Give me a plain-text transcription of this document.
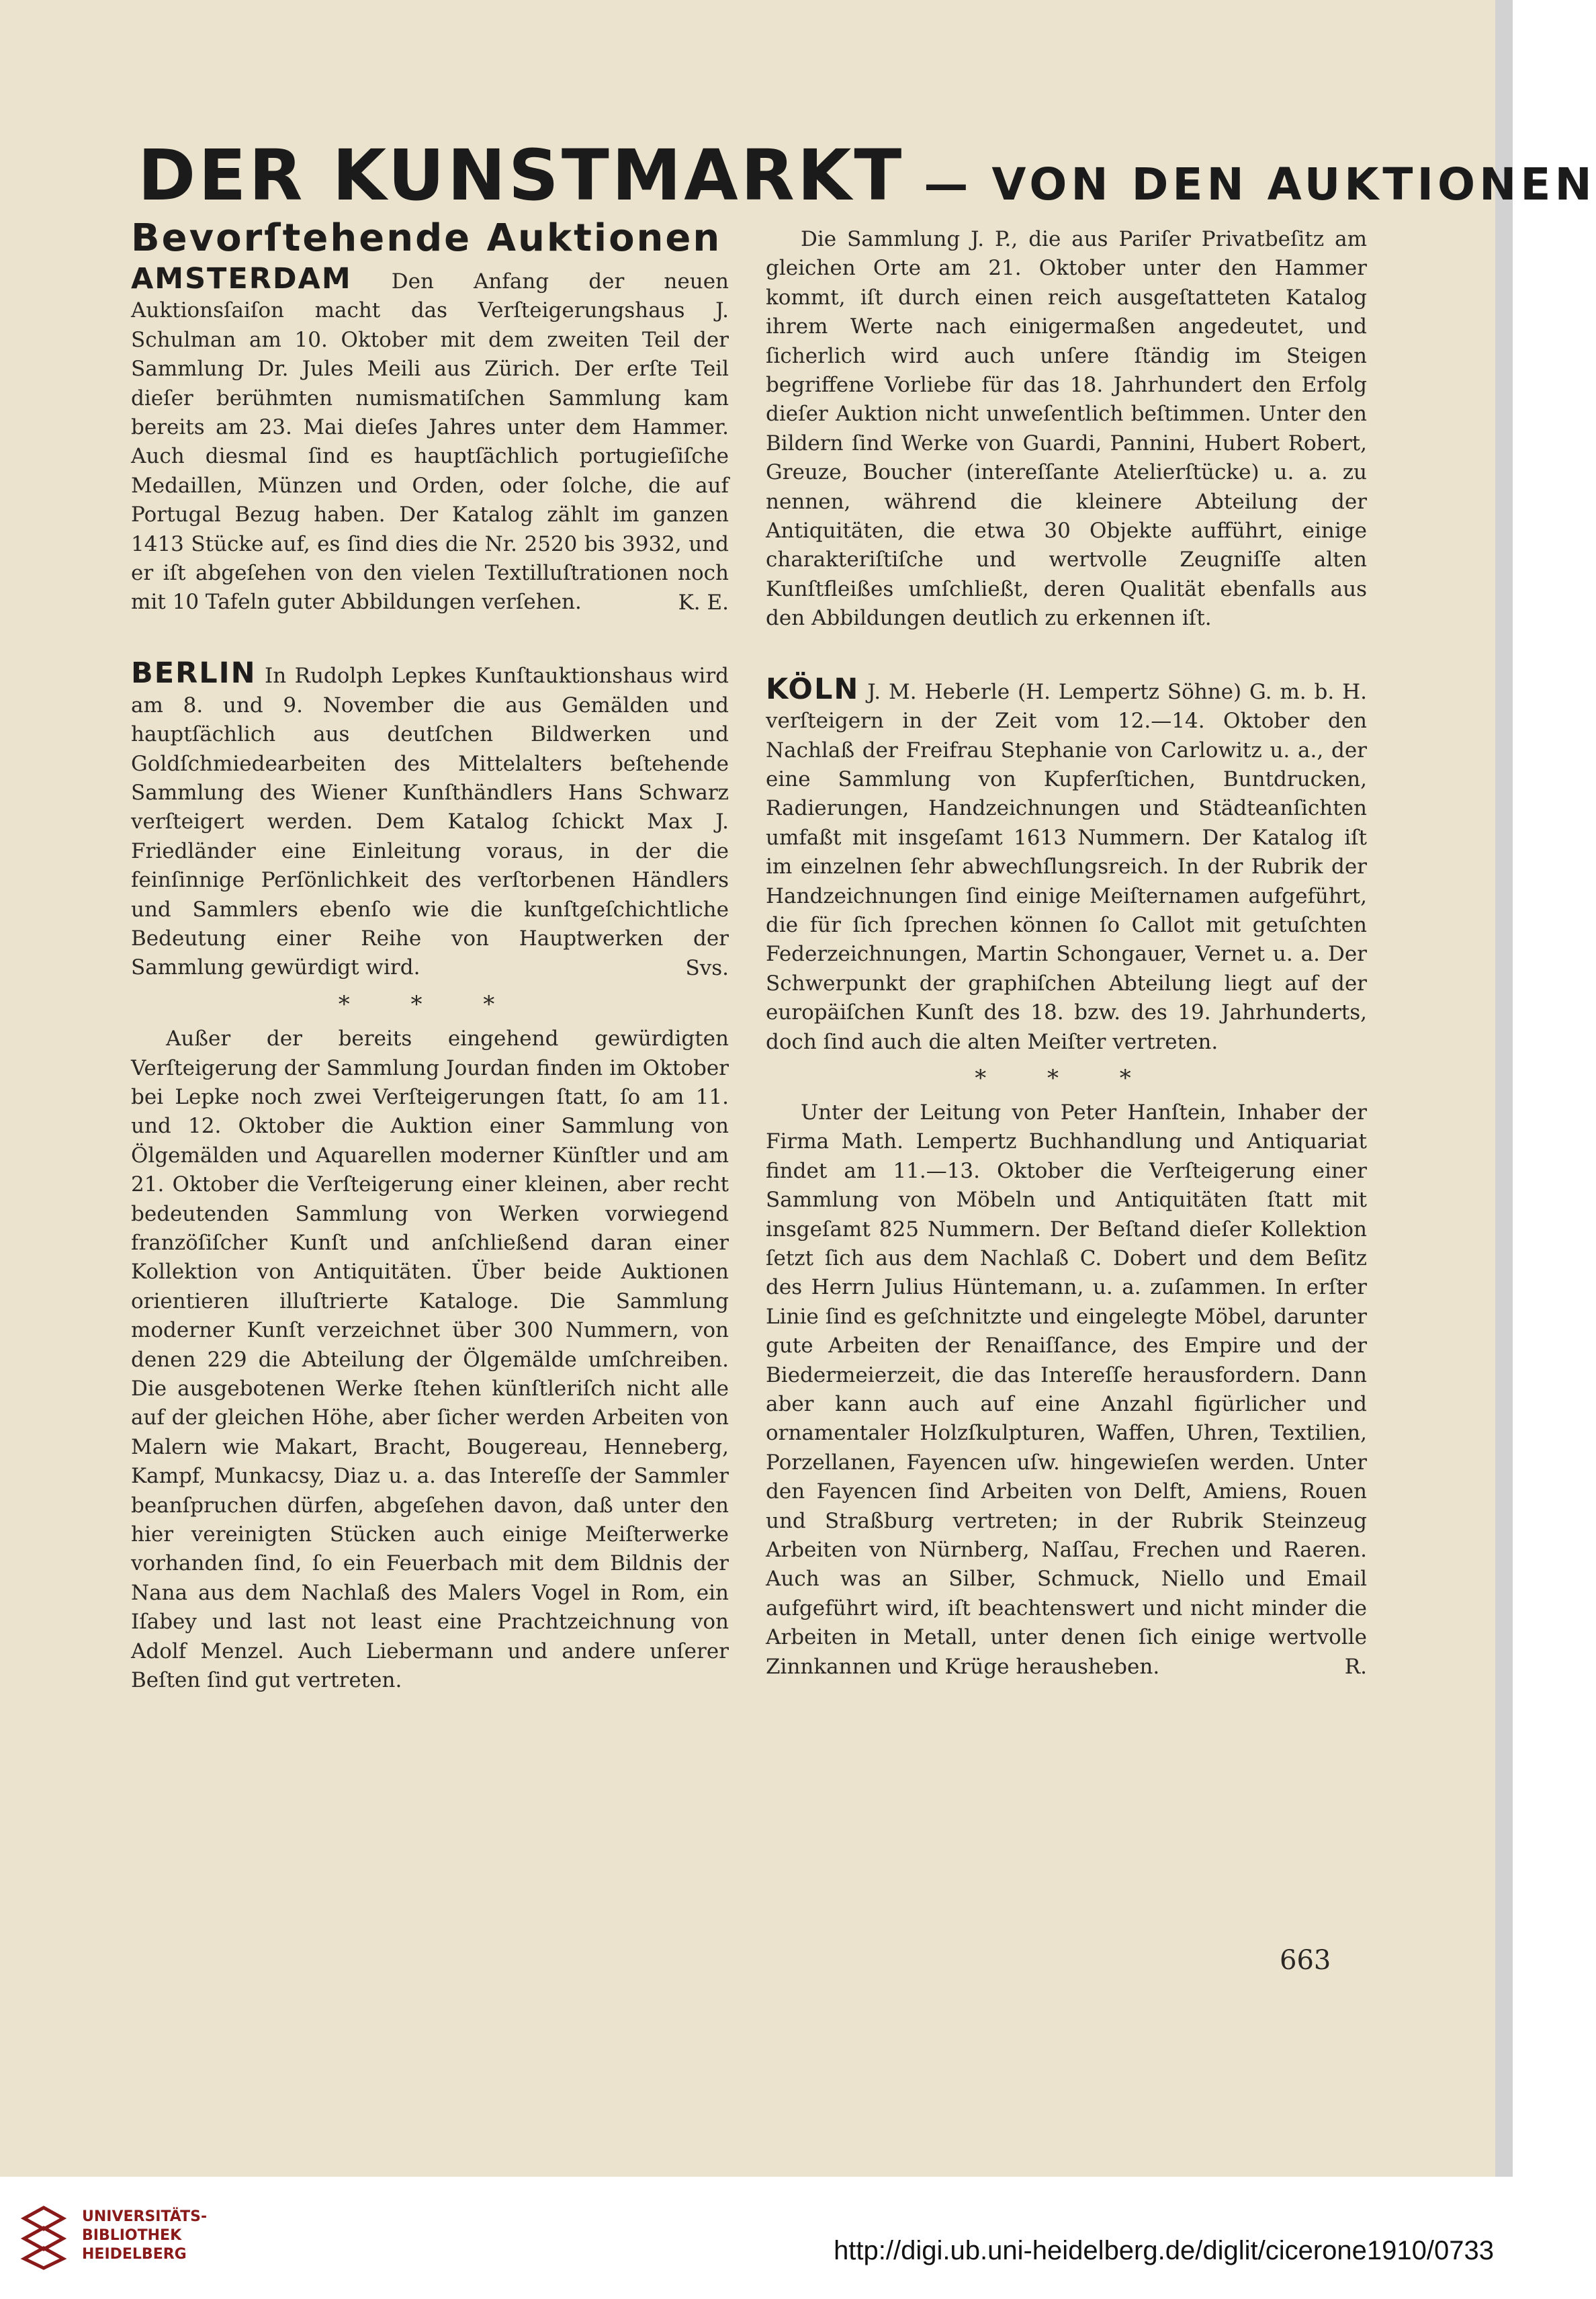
DER KUNSTMARKT — VON DEN AUKTIONEN
Bevorſtehende Auktionen

AMSTERDAM Den Anfang der neuen Auktionsſaiſon macht das Verſteigerungshaus J. Schulman am 10. Oktober mit dem zweiten Teil der Sammlung Dr. Jules Meili aus Zürich. Der erſte Teil dieſer berühmten numismatiſchen Sammlung kam bereits am 23. Mai dieſes Jahres unter dem Hammer. Auch diesmal ſind es hauptſächlich portugieſiſche Medaillen, Münzen und Orden, oder ſolche, die auf Portugal Bezug haben. Der Katalog zählt im ganzen 1413 Stücke auf, es ſind dies die Nr. 2520 bis 3932, und er iſt abgeſehen von den vielen Textilluſtrationen noch mit 10 Tafeln guter Abbildungen verſehen.	K. E.

BERLIN In Rudolph Lepkes Kunſtauktionshaus wird am 8. und 9. November die aus Gemälden und hauptſächlich aus deutſchen Bildwerken und Goldſchmiedearbeiten des Mittelalters beſtehende Sammlung des Wiener Kunſthändlers Hans Schwarz verſteigert werden. Dem Katalog ſchickt Max J. Friedländer eine Einleitung voraus, in der die feinſinnige Perſönlichkeit des verſtorbenen Händlers und Sammlers ebenſo wie die kunſtgeſchichtliche Bedeutung einer Reihe von Hauptwerken der Sammlung gewürdigt wird.	Svs.
* * *

Außer der bereits eingehend gewürdigten Verſteigerung der Sammlung Jourdan finden im Oktober bei Lepke noch zwei Verſteigerungen ſtatt, ſo am 11. und 12. Oktober die Auktion einer Sammlung von Ölgemälden und Aquarellen moderner Künſtler und am 21. Oktober die Verſteigerung einer kleinen, aber recht bedeutenden Sammlung von Werken vorwiegend franzöſiſcher Kunſt und anſchließend daran einer Kollektion von Antiquitäten. Über beide Auktionen orientieren illuſtrierte Kataloge. Die Sammlung moderner Kunſt verzeichnet über 300 Nummern, von denen 229 die Abteilung der Ölgemälde umſchreiben. Die ausgebotenen Werke ſtehen künſtleriſch nicht alle auf der gleichen Höhe, aber ſicher werden Arbeiten von Malern wie Makart, Bracht, Bougereau, Henneberg, Kampf, Munkacsy, Diaz u. a. das Intereſſe der Sammler beanſpruchen dürfen, abgeſehen davon, daß unter den hier vereinigten Stücken auch einige Meiſterwerke vorhanden ſind, ſo ein Feuerbach mit dem Bildnis der Nana aus dem Nachlaß des Malers Vogel in Rom, ein Iſabey und last not least eine Prachtzeichnung von Adolf Menzel. Auch Liebermann und andere unſerer Beſten ſind gut vertreten.

Die Sammlung J. P., die aus Pariſer Privatbeſitz am gleichen Orte am 21. Oktober unter den Hammer kommt, iſt durch einen reich ausgeſtatteten Katalog ihrem Werte nach einigermaßen angedeutet, und ſicherlich wird auch unſere ſtändig im Steigen begriffene Vorliebe für das 18. Jahrhundert den Erfolg dieſer Auktion nicht unweſentlich beſtimmen. Unter den Bildern ſind Werke von Guardi, Pannini, Hubert Robert, Greuze, Boucher (intereſſante Atelierſtücke) u. a. zu nennen, während die kleinere Abteilung der Antiquitäten, die etwa 30 Objekte aufführt, einige charakteriſtiſche und wertvolle Zeugniſſe alten Kunſtfleißes umſchließt, deren Qualität ebenfalls aus den Abbildungen deutlich zu erkennen iſt.

KÖLN J. M. Heberle (H. Lempertz Söhne) G. m. b. H. verſteigern in der Zeit vom 12.—14. Oktober den Nachlaß der Freifrau Stephanie von Carlowitz u. a., der eine Sammlung von Kupferſtichen, Buntdrucken, Radierungen, Handzeichnungen und Städteanſichten umfaßt mit insgeſamt 1613 Nummern. Der Katalog iſt im einzelnen ſehr abwechſlungsreich. In der Rubrik der Handzeichnungen ſind einige Meiſternamen aufgeführt, die für ſich ſprechen können ſo Callot mit getuſchten Federzeichnungen, Martin Schongauer, Vernet u. a. Der Schwerpunkt der graphiſchen Abteilung liegt auf der europäiſchen Kunſt des 18. bzw. des 19. Jahrhunderts, doch ſind auch die alten Meiſter vertreten.

* * *

Unter der Leitung von Peter Hanſtein, Inhaber der Firma Math. Lempertz Buchhandlung und Antiquariat findet am 11.—13. Oktober die Verſteigerung einer Sammlung von Möbeln und Antiquitäten ſtatt mit insgeſamt 825 Nummern. Der Beſtand dieſer Kollektion ſetzt ſich aus dem Nachlaß C. Dobert und dem Beſitz des Herrn Julius Hüntemann, u. a. zuſammen. In erſter Linie ſind es geſchnitzte und eingelegte Möbel, darunter gute Arbeiten der Renaiſſance, des Empire und der Biedermeierzeit, die das Intereſſe herausfordern. Dann aber kann auch auf eine Anzahl figürlicher und ornamentaler Holzſkulpturen, Waffen, Uhren, Textilien, Porzellanen, Fayencen uſw. hingewieſen werden. Unter den Fayencen ſind Arbeiten von Delft, Amiens, Rouen und Straßburg vertreten; in der Rubrik Steinzeug Arbeiten von Nürnberg, Naſſau, Frechen und Raeren. Auch was an Silber, Schmuck, Niello und Email aufgeführt wird, iſt beachtenswert und nicht minder die Arbeiten in Metall, unter denen ſich einige wertvolle Zinnkannen und Krüge herausheben.	R.
663
UNIVERSITÄTS-
BIBLIOTHEK
HEIDELBERG	http://digi.ub.uni-heidelberg.de/diglit/cicerone1910/0733
